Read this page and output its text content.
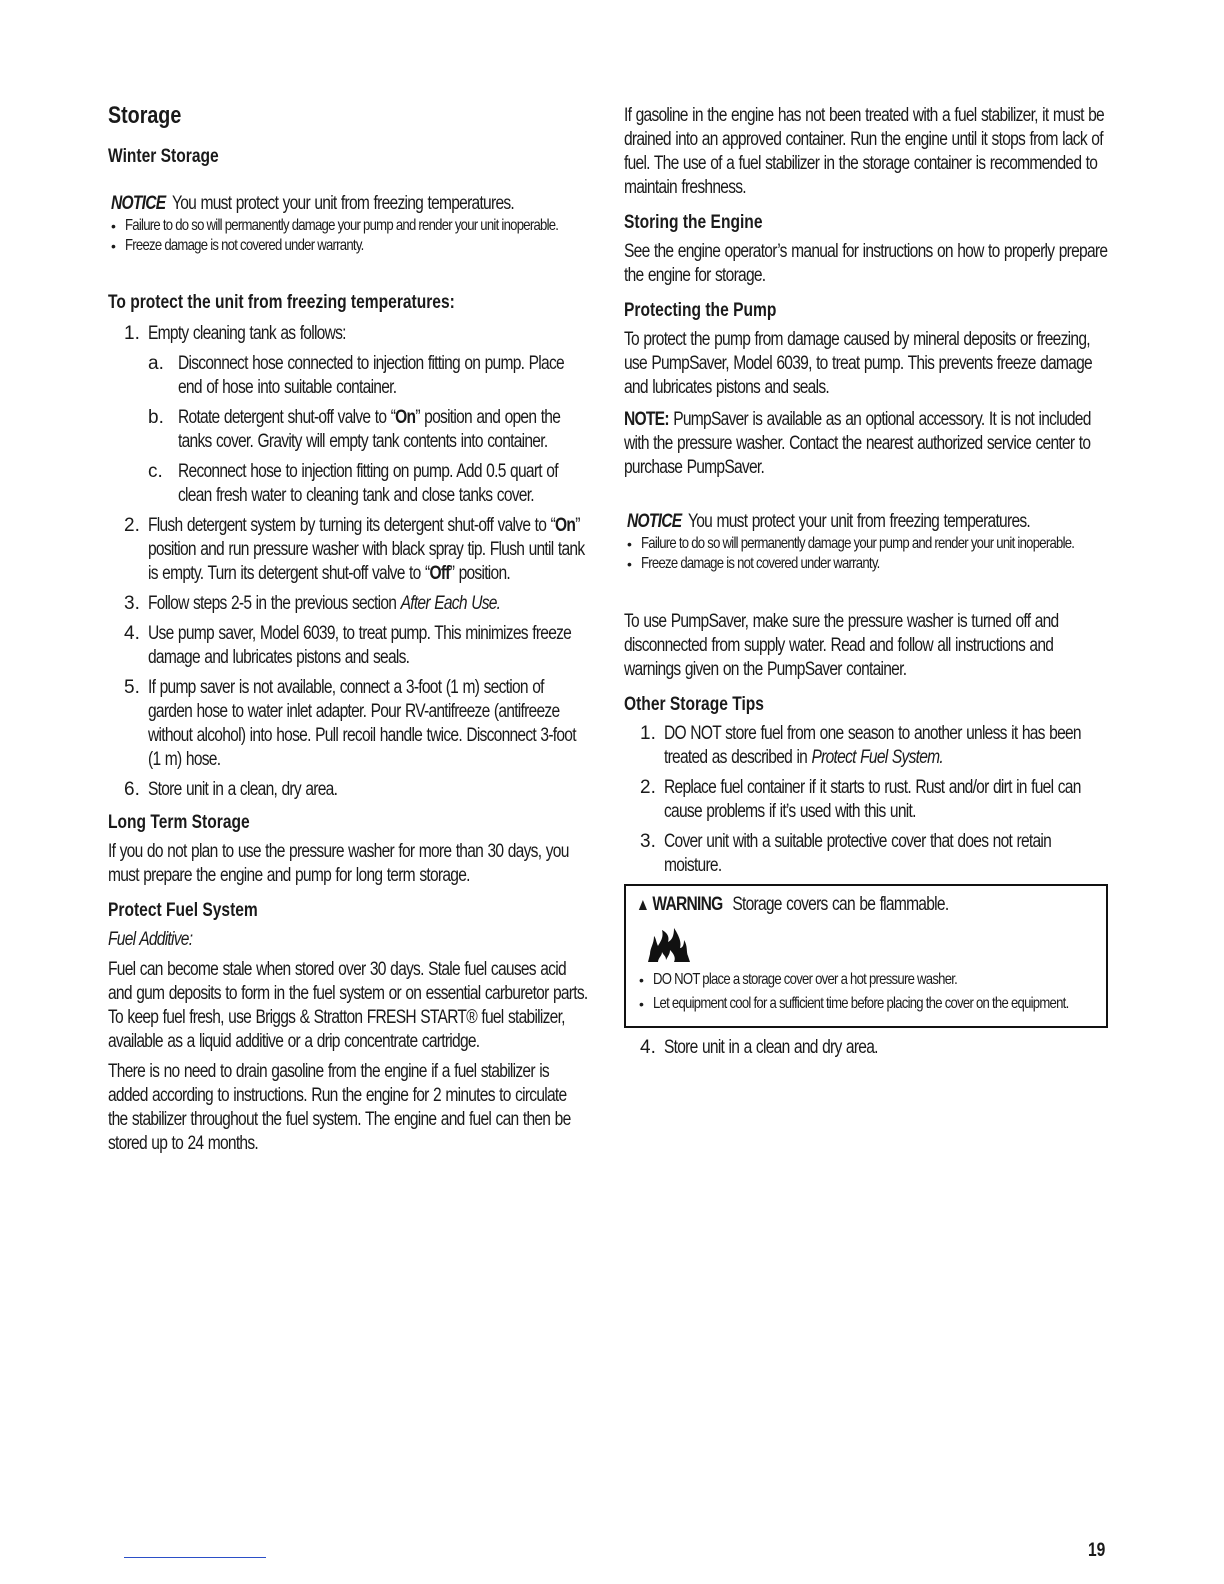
Storage
Winter Storage
NOTICE You must protect your unit from freezing temperatures.
• Failure to do so will permanently damage your pump and render your unit inoperable.
• Freeze damage is not covered under warranty.
To protect the unit from freezing temperatures:
1. Empty cleaning tank as follows:
a. Disconnect hose connected to injection fitting on pump. Place end of hose into suitable container.
b. Rotate detergent shut-off valve to “On” position and open the tanks cover. Gravity will empty tank contents into container.
c. Reconnect hose to injection fitting on pump. Add 0.5 quart of clean fresh water to cleaning tank and close tanks cover.
2. Flush detergent system by turning its detergent shut-off valve to “On” position and run pressure washer with black spray tip. Flush until tank is empty. Turn its detergent shut-off valve to “Off” position.
3. Follow steps 2-5 in the previous section After Each Use.
4. Use pump saver, Model 6039, to treat pump. This minimizes freeze damage and lubricates pistons and seals.
5. If pump saver is not available, connect a 3-foot (1 m) section of garden hose to water inlet adapter. Pour RV-antifreeze (antifreeze without alcohol) into hose. Pull recoil handle twice. Disconnect 3-foot (1 m) hose.
6. Store unit in a clean, dry area.
Long Term Storage

If you do not plan to use the pressure washer for more than 30 days, you must prepare the engine and pump for long term storage.

Protect Fuel System

Fuel Additive:

Fuel can become stale when stored over 30 days. Stale fuel causes acid and gum deposits to form in the fuel system or on essential carburetor parts. To keep fuel fresh, use Briggs & Stratton FRESH START® fuel stabilizer, available as a liquid additive or a drip concentrate cartridge.

There is no need to drain gasoline from the engine if a fuel stabilizer is added according to instructions. Run the engine for 2 minutes to circulate the stabilizer throughout the fuel system. The engine and fuel can then be stored up to 24 months.

If gasoline in the engine has not been treated with a fuel stabilizer, it must be drained into an approved container. Run the engine until it stops from lack of fuel. The use of a fuel stabilizer in the storage container is recommended to maintain freshness.

Storing the Engine

See the engine operator’s manual for instructions on how to properly prepare the engine for storage.

Protecting the Pump

To protect the pump from damage caused by mineral deposits or freezing, use PumpSaver, Model 6039, to treat pump. This prevents freeze damage and lubricates pistons and seals.

NOTE: PumpSaver is available as an optional accessory. It is not included with the pressure washer. Contact the nearest authorized service center to purchase PumpSaver.

NOTICE You must protect your unit from freezing temperatures.
• Failure to do so will permanently damage your pump and render your unit inoperable.
• Freeze damage is not covered under warranty.

To use PumpSaver, make sure the pressure washer is turned off and disconnected from supply water. Read and follow all instructions and warnings given on the PumpSaver container.

Other Storage Tips
1. DO NOT store fuel from one season to another unless it has been treated as described in Protect Fuel System.
2. Replace fuel container if it starts to rust. Rust and/or dirt in fuel can cause problems if it’s used with this unit.
3. Cover unit with a suitable protective cover that does not retain moisture.
▲ WARNING Storage covers can be flammable.
• DO NOT place a storage cover over a hot pressure washer.
• Let equipment cool for a sufficient time before placing the cover on the equipment.
4. Store unit in a clean and dry area.
19
